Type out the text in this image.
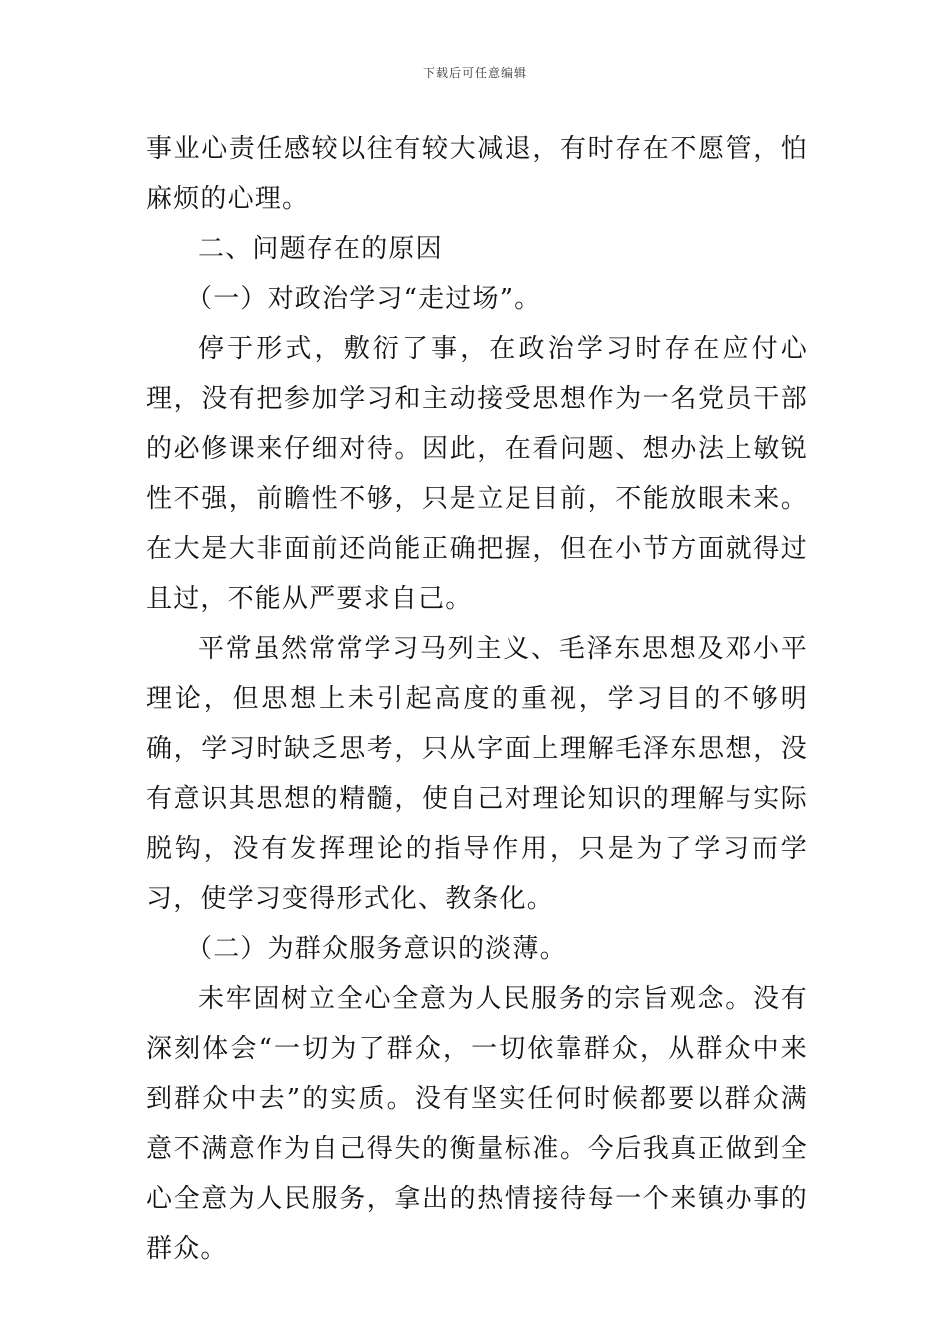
下载后可任意编辑

事业心责任感较以往有较大减退，有时存在不愿管，怕麻烦的心理。

二、问题存在的原因

（一）对政治学习“走过场”。

停于形式，敷衍了事，在政治学习时存在应付心理，没有把参加学习和主动接受思想作为一名党员干部的必修课来仔细对待。因此，在看问题、想办法上敏锐性不强，前瞻性不够，只是立足目前，不能放眼未来。在大是大非面前还尚能正确把握，但在小节方面就得过且过，不能从严要求自己。

平常虽然常常学习马列主义、毛泽东思想及邓小平理论，但思想上未引起高度的重视，学习目的不够明确，学习时缺乏思考，只从字面上理解毛泽东思想，没有意识其思想的精髓，使自己对理论知识的理解与实际脱钩，没有发挥理论的指导作用，只是为了学习而学习，使学习变得形式化、教条化。

（二）为群众服务意识的淡薄。

未牢固树立全心全意为人民服务的宗旨观念。没有深刻体会“一切为了群众，一切依靠群众，从群众中来到群众中去”的实质。没有坚实任何时候都要以群众满意不满意作为自己得失的衡量标准。今后我真正做到全心全意为人民服务，拿出的热情接待每一个来镇办事的群众。
